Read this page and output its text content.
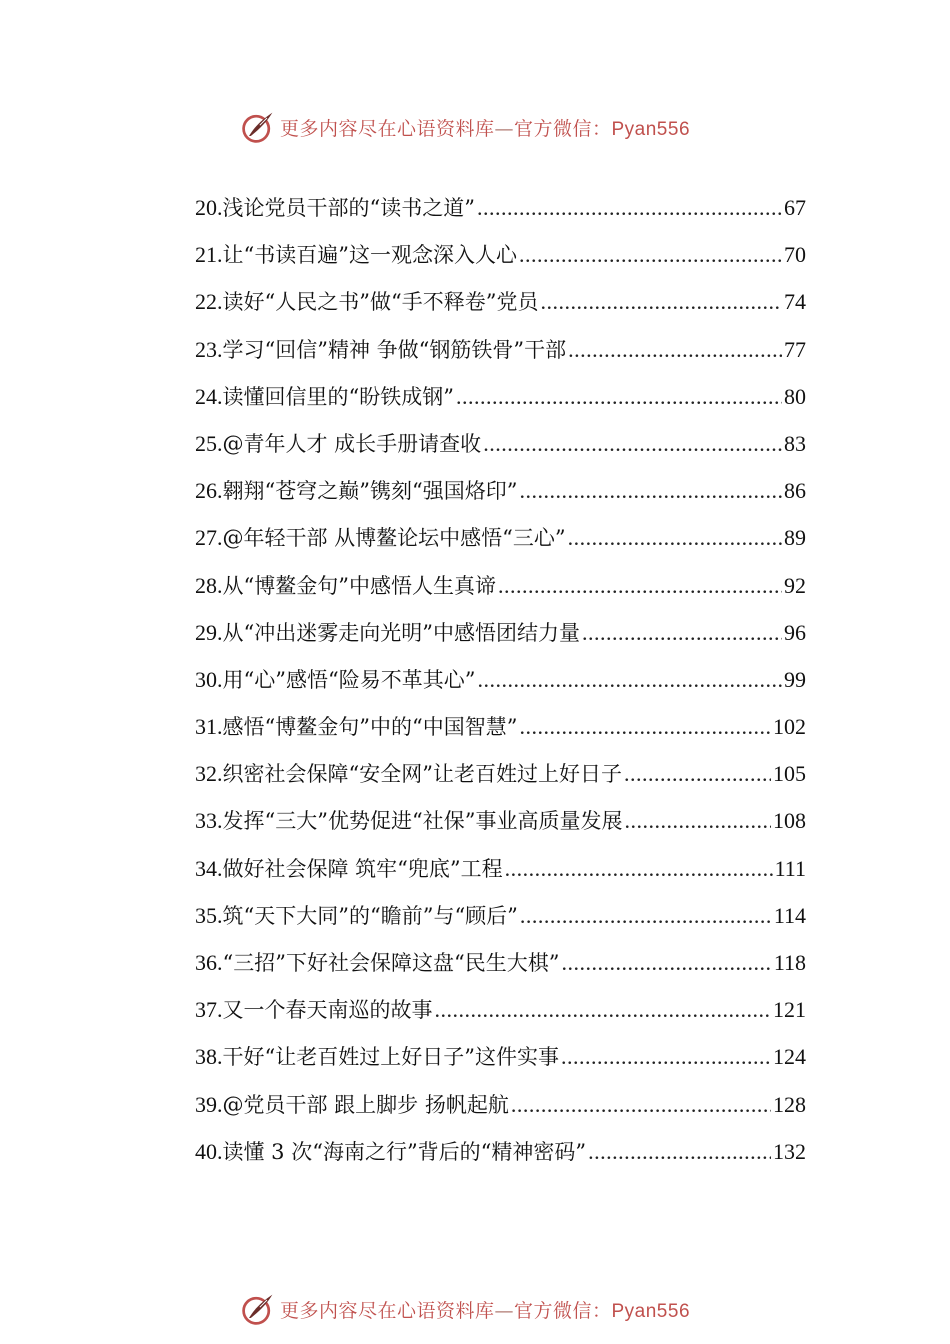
更多内容尽在心语资料库—官方微信：Pyan556
20. 浅论党员干部的“读书之道” .....	67
21. 让“书读百遍”这一观念深入人心 .....	70
22. 读好“人民之书”做“手不释卷”党员 .....	74
23. 学习“回信”精神 争做“钢筋铁骨”干部 .....	77
24. 读懂回信里的“盼铁成钢” .....	80
25. @青年人才 成长手册请查收 .....	83
26. 翱翔“苍穹之巅”镌刻“强国烙印” .....	86
27. @年轻干部 从博鳌论坛中感悟“三心” .....	89
28. 从“博鳌金句”中感悟人生真谛 .....	92
29. 从“冲出迷雾走向光明”中感悟团结力量 .....	96
30. 用“心”感悟“险易不革其心” .....	99
31. 感悟“博鳌金句”中的“中国智慧” .....	102
32. 织密社会保障“安全网”让老百姓过上好日子 .....	105
33. 发挥“三大”优势促进“社保”事业高质量发展 .....	108
34. 做好社会保障 筑牢“兜底”工程 .....	111
35. 筑“天下大同”的“瞻前”与“顾后” .....	114
36. “三招”下好社会保障这盘“民生大棋” .....	118
37. 又一个春天南巡的故事 .....	121
38. 干好“让老百姓过上好日子”这件实事 .....	124
39. @党员干部 跟上脚步 扬帆起航 .....	128
40. 读懂 3 次“海南之行”背后的“精神密码” .....	132
更多内容尽在心语资料库—官方微信：Pyan556
